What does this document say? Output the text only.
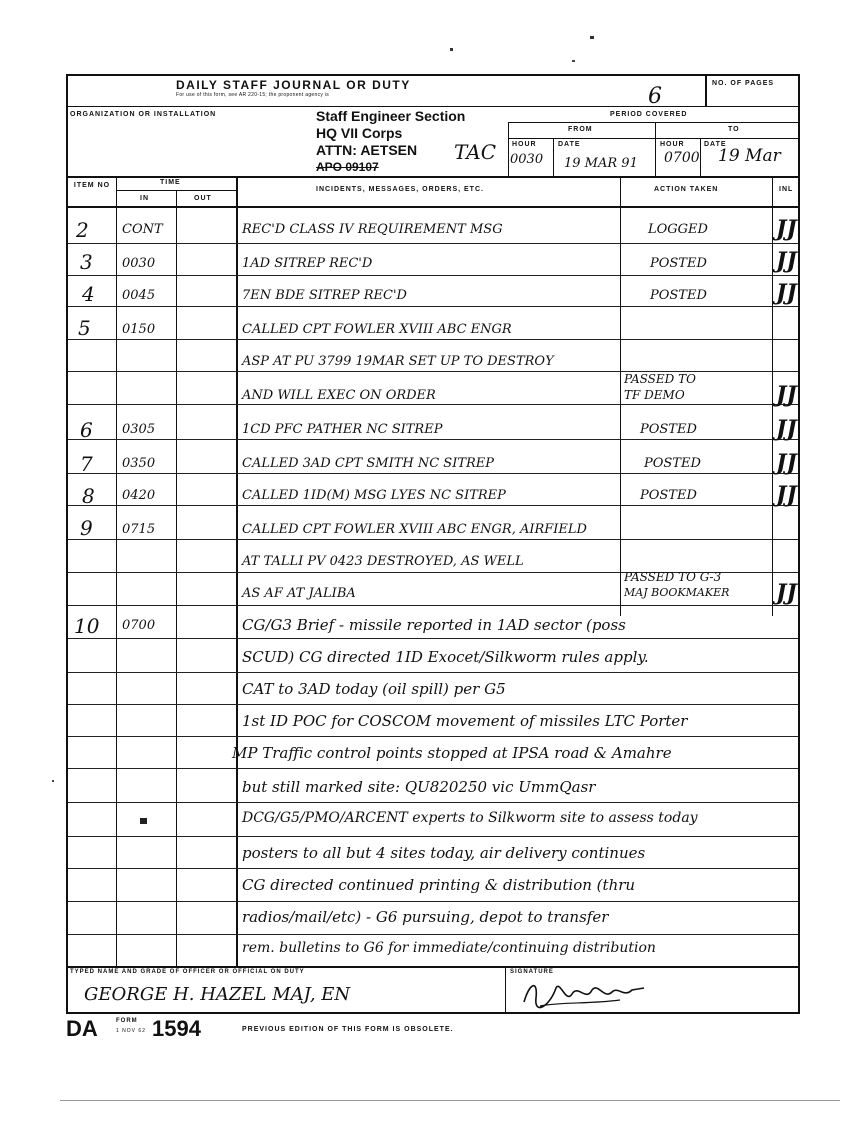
DAILY STAFF JOURNAL OR DUTY
For use of this form, see AR 220-15; the proponent agency is
NO. OF PAGES
6
ORGANIZATION OR INSTALLATION	Staff Engineer Section
HQ VII Corps
ATTN: AETSEN
APO 09107
TAC
PERIOD COVERED
FROM	TO
HOUR	DATE	HOUR	DATE
0030 19 MAR 91 0700 19 Mar
ITEM NO	TIME
IN	OUT
INCIDENTS, MESSAGES, ORDERS, ETC.	ACTION TAKEN	INL
2	CONT	REC'D CLASS IV REQUIREMENT MSG	LOGGED	JJ
3 0030	1AD SITREP REC'D	POSTED	JJ
4 0045	7EN BDE SITREP REC'D	POSTED	JJ
5 0150	CALLED CPT FOWLER XVIII ABC ENGR
ASP AT PU 3799 19MAR SET UP TO DESTROY
PASSED TO
AND WILL EXEC ON ORDER	TF DEMO	JJ
6 0305	1CD PFC PATHER NC SITREP	POSTED	JJ
7 0350	CALLED 3AD CPT SMITH NC SITREP	POSTED	JJ
8 0420	CALLED 1ID(M) MSG LYES NC SITREP	POSTED	JJ
9 0715	CALLED CPT FOWLER XVIII ABC ENGR, AIRFIELD
AT TALLI PV 0423 DESTROYED, AS WELL
PASSED TO G-3
AS AF AT JALIBA	MAJ BOOKMAKER JJ
10 0700	CG/G3 Brief - missile reported in 1AD sector (poss
SCUD) CG directed 1ID Exocet/Silkworm rules apply.
CAT to 3AD today (oil spill) per G5
1st ID POC for COSCOM movement of missiles LTC Porter
MP Traffic control points stopped at IPSA road & Amahre
but still marked site: QU820250 vic UmmQasr
DCG/G5/PMO/ARCENT experts to Silkworm site to assess today
posters to all but 4 sites today, air delivery continues
CG directed continued printing & distribution (thru
radios/mail/etc) - G6 pursuing, depot to transfer
rem. bulletins to G6 for immediate/continuing distribution
TYPED NAME AND GRADE OF OFFICER OR OFFICIAL ON DUTY
GEORGE H. HAZEL MAJ, EN
SIGNATURE
DA	FORM
1 NOV 62 1594	PREVIOUS EDITION OF THIS FORM IS OBSOLETE.
